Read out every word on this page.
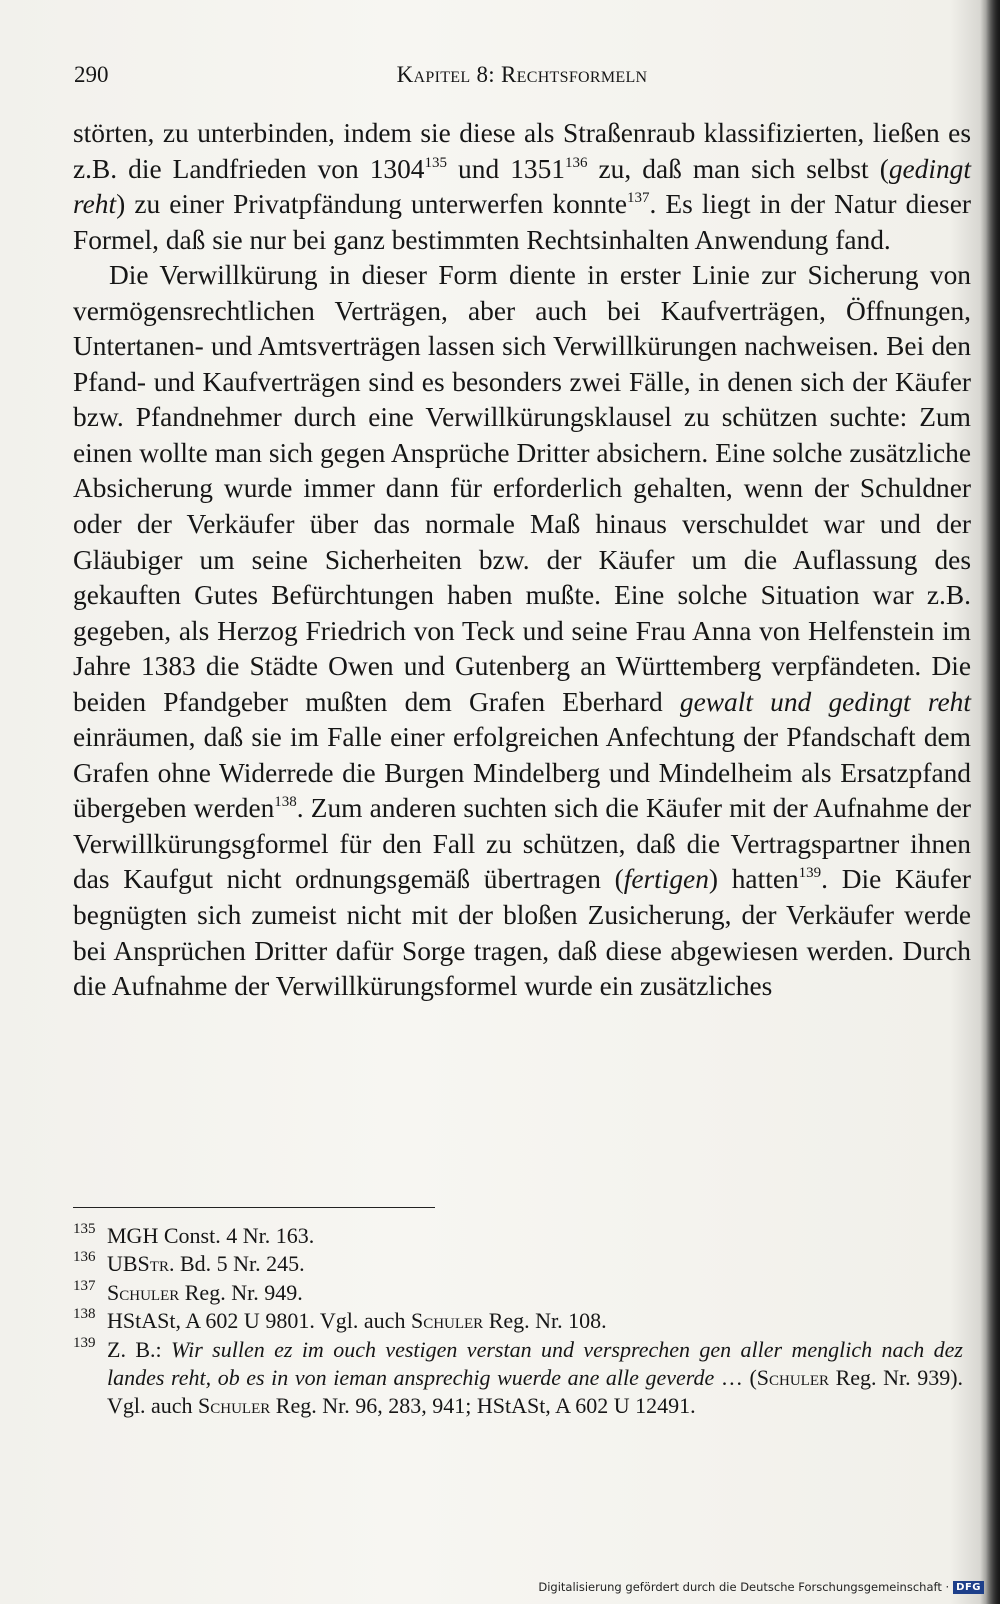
290	Kapitel 8: Rechtsformeln

störten, zu unterbinden, indem sie diese als Straßenraub klassifizierten, ließen es z.B. die Landfrieden von 1304$^{135}$ und 1351$^{136}$ zu, daß man sich selbst (gedingt reht) zu einer Privatpfändung unterwerfen konnte$^{137}$. Es liegt in der Natur dieser Formel, daß sie nur bei ganz bestimmten Rechtsinhalten Anwendung fand.

Die Verwillkürung in dieser Form diente in erster Linie zur Sicherung von vermögensrechtlichen Verträgen, aber auch bei Kaufverträgen, Öffnungen, Untertanen- und Amtsverträgen lassen sich Verwillkürungen nachweisen. Bei den Pfand- und Kaufverträgen sind es besonders zwei Fälle, in denen sich der Käufer bzw. Pfandnehmer durch eine Verwillkürungsklausel zu schützen suchte: Zum einen wollte man sich gegen Ansprüche Dritter absichern. Eine solche zusätzliche Absicherung wurde immer dann für erforderlich gehalten, wenn der Schuldner oder der Verkäufer über das normale Maß hinaus verschuldet war und der Gläubiger um seine Sicherheiten bzw. der Käufer um die Auflassung des gekauften Gutes Befürchtungen haben mußte. Eine solche Situation war z.B. gegeben, als Herzog Friedrich von Teck und seine Frau Anna von Helfenstein im Jahre 1383 die Städte Owen und Gutenberg an Württemberg verpfändeten. Die beiden Pfandgeber mußten dem Grafen Eberhard gewalt und gedingt reht einräumen, daß sie im Falle einer erfolgreichen Anfechtung der Pfandschaft dem Grafen ohne Widerrede die Burgen Mindelberg und Mindelheim als Ersatzpfand übergeben werden$^{138}$. Zum anderen suchten sich die Käufer mit der Aufnahme der Verwillkürungsgformel für den Fall zu schützen, daß die Vertragspartner ihnen das Kaufgut nicht ordnungsgemäß übertragen (fertigen) hatten$^{139}$. Die Käufer begnügten sich zumeist nicht mit der bloßen Zusicherung, der Verkäufer werde bei Ansprüchen Dritter dafür Sorge tragen, daß diese abgewiesen werden. Durch die Aufnahme der Verwillkürungsformel wurde ein zusätzliches

135 MGH Const. 4 Nr. 163.
136 UBStr. Bd. 5 Nr. 245.
137 Schuler Reg. Nr. 949.
138 HStASt, A 602 U 9801. Vgl. auch Schuler Reg. Nr. 108.
139 Z. B.: Wir sullen ez im ouch vestigen verstan und versprechen gen aller menglich nach dez landes reht, ob es in von ieman ansprechig wuerde ane alle geverde … (Schuler Reg. Nr. 939). Vgl. auch Schuler Reg. Nr. 96, 283, 941; HStASt, A 602 U 12491.
Digitalisierung gefördert durch die Deutsche Forschungsgemeinschaft · DFG
